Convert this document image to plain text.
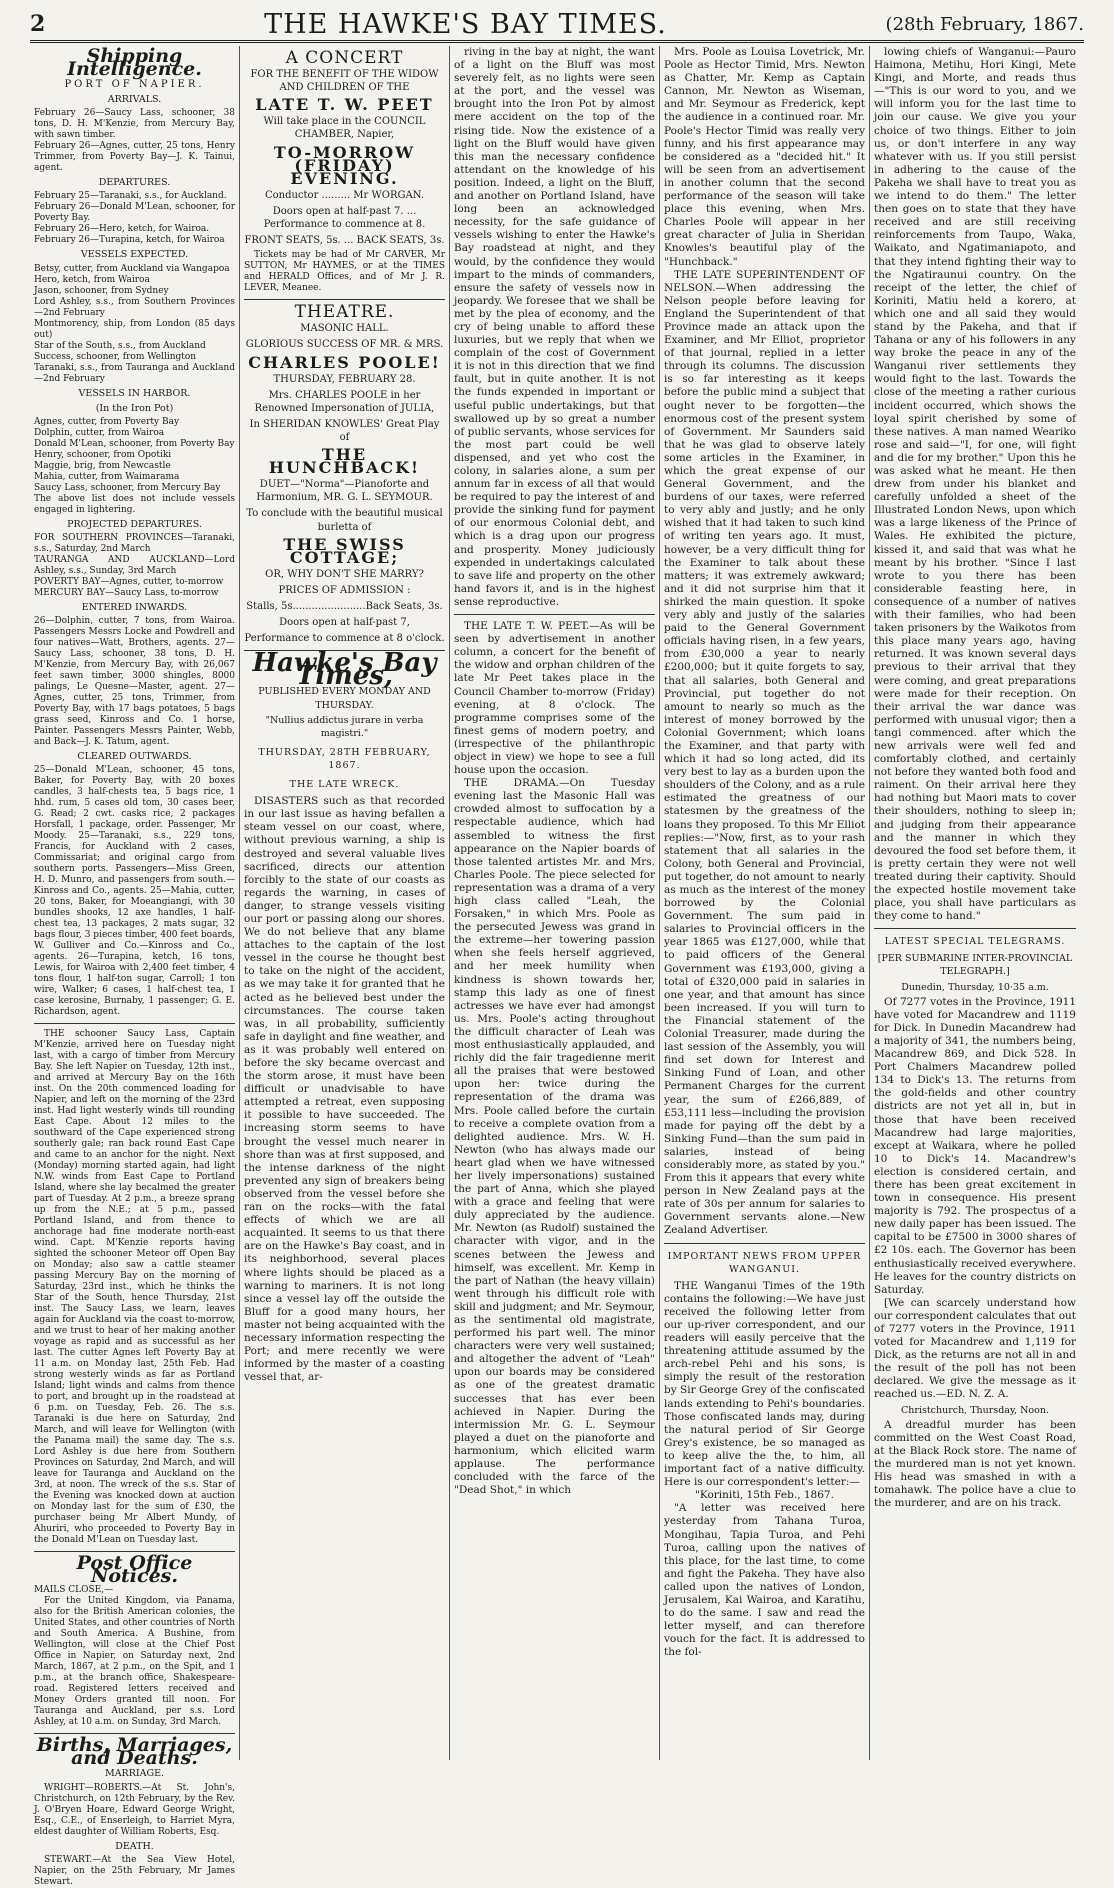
2	THE HAWKE'S BAY TIMES.	(28th February, 1867.
Shipping Intelligence.
PORT OF NAPIER.
ARRIVALS.

February 26—Saucy Lass, schooner, 38 tons, D. H. M'Kenzie, from Mercury Bay, with sawn timber.

February 26—Agnes, cutter, 25 tons, Henry Trimmer, from Poverty Bay—J. K. Tainui, agent.

DEPARTURES.

February 25—Taranaki, s.s., for Auckland.

February 26—Donald M'Lean, schooner, for Poverty Bay.

February 26—Hero, ketch, for Wairoa.

February 26—Turapina, ketch, for Wairoa

VESSELS EXPECTED.

Betsy, cutter, from Auckland via Wangapoa

Hero, ketch, from Wairoa

Jason, schooner, from Sydney

Lord Ashley, s.s., from Southern Provinces—2nd February

Montmorency, ship, from London (85 days out)

Star of the South, s.s., from Auckland

Success, schooner, from Wellington

Taranaki, s.s., from Tauranga and Auckland—2nd February

VESSELS IN HARBOR.
(In the Iron Pot)

Agnes, cutter, from Poverty Bay

Dolphin, cutter, from Wairoa

Donald M'Lean, schooner, from Poverty Bay

Henry, schooner, from Opotiki

Maggie, brig, from Newcastle

Mahia, cutter, from Waimarama

Saucy Lass, schooner, from Mercury Bay

The above list does not include vessels engaged in lightering.

PROJECTED DEPARTURES.

FOR SOUTHERN PROVINCES—Taranaki, s.s., Saturday, 2nd March

TAURANGA AND AUCKLAND—Lord Ashley, s.s., Sunday, 3rd March

POVERTY BAY—Agnes, cutter, to-morrow

MERCURY BAY—Saucy Lass, to-morrow

ENTERED INWARDS.

26—Dolphin, cutter, 7 tons, from Wairoa. Passengers Messrs Locke and Powdrell and four natives—Watt, Brothers, agents. 27—Saucy Lass, schooner, 38 tons, D. H. M'Kenzie, from Mercury Bay, with 26,067 feet sawn timber, 3000 shingles, 8000 palings, Le Quesne—Master, agent. 27—Agnes, cutter, 25 tons, Trimmer, from Poverty Bay, with 17 bags potatoes, 5 bags grass seed, Kinross and Co. 1 horse, Painter. Passengers Messrs Painter, Webb, and Back—J. K. Tatum, agent.

CLEARED OUTWARDS.

25—Donald M'Lean, schooner, 45 tons, Baker, for Poverty Bay, with 20 boxes candles, 3 half-chests tea, 5 bags rice, 1 hhd. rum, 5 cases old tom, 30 cases beer, G. Read; 2 cwt. casks rice, 2 packages Horsfall, 1 package, order. Passenger, Mr Moody. 25—Taranaki, s.s., 229 tons, Francis, for Auckland with 2 cases, Commissariat; and original cargo from southern ports. Passengers—Miss Green, H. D. Munro, and passengers from south.—Kinross and Co., agents. 25—Mahia, cutter, 20 tons, Baker, for Moeangiangi, with 30 bundles shooks, 12 axe handles, 1 half-chest tea, 13 packages, 2 mats sugar, 32 bags flour, 3 pieces timber, 400 feet boards, W. Gulliver and Co.—Kinross and Co., agents. 26—Turapina, ketch, 16 tons, Lewis, for Wairoa with 2,400 feet timber, 4 tons flour, 1 half-ton sugar, Carroll; 1 ton wire, Walker; 6 cases, 1 half-chest tea, 1 case kerosine, Burnaby, 1 passenger; G. E. Richardson, agent.

THE schooner Saucy Lass, Captain M'Kenzie, arrived here on Tuesday night last, with a cargo of timber from Mercury Bay. She left Napier on Tuesday, 12th inst., and arrived at Mercury Bay on the 16th inst. On the 20th commenced loading for Napier, and left on the morning of the 23rd inst. Had light westerly winds till rounding East Cape. About 12 miles to the southward of the Cape experienced strong southerly gale; ran back round East Cape and came to an anchor for the night. Next (Monday) morning started again, had light N.W. winds from East Cape to Portland Island, where she lay becalmed the greater part of Tuesday. At 2 p.m., a breeze sprang up from the N.E.; at 5 p.m., passed Portland Island, and from thence to anchorage had fine moderate north-east wind. Capt. M'Kenzie reports having sighted the schooner Meteor off Open Bay on Monday; also saw a cattle steamer passing Mercury Bay on the morning of Saturday, 23rd inst., which he thinks the Star of the South, hence Thursday, 21st inst. The Saucy Lass, we learn, leaves again for Auckland via the coast to-morrow, and we trust to hear of her making another voyage as rapid and as successful as her last. The cutter Agnes left Poverty Bay at 11 a.m. on Monday last, 25th Feb. Had strong westerly winds as far as Portland Island; light winds and calms from thence to port, and brought up in the roadstead at 6 p.m. on Tuesday, Feb. 26. The s.s. Taranaki is due here on Saturday, 2nd March, and will leave for Wellington (with the Panama mail) the same day. The s.s. Lord Ashley is due here from Southern Provinces on Saturday, 2nd March, and will leave for Tauranga and Auckland on the 3rd, at noon. The wreck of the s.s. Star of the Evening was knocked down at auction on Monday last for the sum of £30, the purchaser being Mr Albert Mundy, of Ahuriri, who proceeded to Poverty Bay in the Donald M'Lean on Tuesday last.

Post Office Notices.

MAILS CLOSE,—

For the United Kingdom, via Panama, also for the British American colonies, the United States, and other countries of North and South America. A Bushine, from Wellington, will close at the Chief Post Office in Napier, on Saturday next, 2nd March, 1867, at 2 p.m., on the Spit, and 1 p.m., at the branch office, Shakespeare-road. Registered letters received and Money Orders granted till noon. For Tauranga and Auckland, per s.s. Lord Ashley, at 10 a.m. on Sunday, 3rd March.

Births, Marriages, and Deaths.
MARRIAGE.

WRIGHT—ROBERTS.—At St. John's, Christchurch, on 12th February, by the Rev. J. O'Bryen Hoare, Edward George Wright, Esq., C.E., of Enserleigh, to Harriet Myra, eldest daughter of William Roberts, Esq.

DEATH.

STEWART.—At the Sea View Hotel, Napier, on the 25th February, Mr James Stewart.

A CONCERT
FOR THE BENEFIT OF THE WIDOW AND CHILDREN OF THE
LATE T. W. PEET
Will take place in the COUNCIL CHAMBER, Napier,
TO-MORROW (FRIDAY) EVENING.
Conductor ......... Mr WORGAN.
Doors open at half-past 7. ... Performance to commence at 8.
FRONT SEATS, 5s. ... BACK SEATS, 3s.

Tickets may be had of Mr CARVER, Mr SUTTON, Mr HAYMES, or at the TIMES and HERALD Offices, and of Mr J. R. LEVER, Meanee.

THEATRE.
MASONIC HALL.
GLORIOUS SUCCESS OF MR. & MRS.
CHARLES POOLE!
THURSDAY, FEBRUARY 28.
Mrs. CHARLES POOLE in her Renowned Impersonation of JULIA,
In SHERIDAN KNOWLES' Great Play of
THE HUNCHBACK!
DUET—"Norma"—Pianoforte and Harmonium, MR. G. L. SEYMOUR.
To conclude with the beautiful musical burletta of
THE SWISS COTTAGE;
OR, WHY DON'T SHE MARRY?
PRICES OF ADMISSION :
Stalls, 5s.......................Back Seats, 3s.
Doors open at half-past 7,
Performance to commence at 8 o'clock.
Hawke's Bay Times,
PUBLISHED EVERY MONDAY AND THURSDAY.
"Nullius addictus jurare in verba magistri."
THURSDAY, 28TH FEBRUARY, 1867.
THE LATE WRECK.

DISASTERS such as that recorded in our last issue as having befallen a steam vessel on our coast, where, without previous warning, a ship is destroyed and several valuable lives sacrificed, directs our attention forcibly to the state of our coasts as regards the warning, in cases of danger, to strange vessels visiting our port or passing along our shores. We do not believe that any blame attaches to the captain of the lost vessel in the course he thought best to take on the night of the accident, as we may take it for granted that he acted as he believed best under the circumstances. The course taken was, in all probability, sufficiently safe in daylight and fine weather, and as it was probably well entered on before the sky became overcast and the storm arose, it must have been difficult or unadvisable to have attempted a retreat, even supposing it possible to have succeeded. The increasing storm seems to have brought the vessel much nearer in shore than was at first supposed, and the intense darkness of the night prevented any sign of breakers being observed from the vessel before she ran on the rocks—with the fatal effects of which we are all acquainted. It seems to us that there are on the Hawke's Bay coast, and in its neighborhood, several places where lights should be placed as a warning to mariners. It is not long since a vessel lay off the outside the Bluff for a good many hours, her master not being acquainted with the necessary information respecting the Port; and mere recently we were informed by the master of a coasting vessel that, ar-

riving in the bay at night, the want of a light on the Bluff was most severely felt, as no lights were seen at the port, and the vessel was brought into the Iron Pot by almost mere accident on the top of the rising tide. Now the existence of a light on the Bluff would have given this man the necessary confidence attendant on the knowledge of his position. Indeed, a light on the Bluff, and another on Portland Island, have long been an acknowledged necessity, for the safe guidance of vessels wishing to enter the Hawke's Bay roadstead at night, and they would, by the confidence they would impart to the minds of commanders, ensure the safety of vessels now in jeopardy. We foresee that we shall be met by the plea of economy, and the cry of being unable to afford these luxuries, but we reply that when we complain of the cost of Government it is not in this direction that we find fault, but in quite another. It is not the funds expended in important or useful public undertakings, but that swallowed up by so great a number of public servants, whose services for the most part could be well dispensed, and yet who cost the colony, in salaries alone, a sum per annum far in excess of all that would be required to pay the interest of and provide the sinking fund for payment of our enormous Colonial debt, and which is a drag upon our progress and prosperity. Money judiciously expended in undertakings calculated to save life and property on the other hand favors it, and is in the highest sense reproductive.

THE LATE T. W. PEET.—As will be seen by advertisement in another column, a concert for the benefit of the widow and orphan children of the late Mr Peet takes place in the Council Chamber to-morrow (Friday) evening, at 8 o'clock. The programme comprises some of the finest gems of modern poetry, and (irrespective of the philanthropic object in view) we hope to see a full house upon the occasion.

THE DRAMA.—On Tuesday evening last the Masonic Hall was crowded almost to suffocation by a respectable audience, which had assembled to witness the first appearance on the Napier boards of those talented artistes Mr. and Mrs. Charles Poole. The piece selected for representation was a drama of a very high class called "Leah, the Forsaken," in which Mrs. Poole as the persecuted Jewess was grand in the extreme—her towering passion when she feels herself aggrieved, and her meek humility when kindness is shown towards her, stamp this lady as one of finest actresses we have ever had amongst us. Mrs. Poole's acting throughout the difficult character of Leah was most enthusiastically applauded, and richly did the fair tragedienne merit all the praises that were bestowed upon her: twice during the representation of the drama was Mrs. Poole called before the curtain to receive a complete ovation from a delighted audience. Mrs. W. H. Newton (who has always made our heart glad when we have witnessed her lively impersonations) sustained the part of Anna, which she played with a grace and feeling that were duly appreciated by the audience. Mr. Newton (as Rudolf) sustained the character with vigor, and in the scenes between the Jewess and himself, was excellent. Mr. Kemp in the part of Nathan (the heavy villain) went through his difficult role with skill and judgment; and Mr. Seymour, as the sentimental old magistrate, performed his part well. The minor characters were very well sustained; and altogether the advent of "Leah" upon our boards may be considered as one of the greatest dramatic successes that has ever been achieved in Napier. During the intermission Mr. G. L. Seymour played a duet on the pianoforte and harmonium, which elicited warm applause. The performance concluded with the farce of the "Dead Shot," in which

Mrs. Poole as Louisa Lovetrick, Mr. Poole as Hector Timid, Mrs. Newton as Chatter, Mr. Kemp as Captain Cannon, Mr. Newton as Wiseman, and Mr. Seymour as Frederick, kept the audience in a continued roar. Mr. Poole's Hector Timid was really very funny, and his first appearance may be considered as a "decided hit." It will be seen from an advertisement in another column that the second performance of the season will take place this evening, when Mrs. Charles Poole will appear in her great character of Julia in Sheridan Knowles's beautiful play of the "Hunchback."

THE LATE SUPERINTENDENT OF NELSON.—When addressing the Nelson people before leaving for England the Superintendent of that Province made an attack upon the Examiner, and Mr Elliot, proprietor of that journal, replied in a letter through its columns. The discussion is so far interesting as it keeps before the public mind a subject that ought never to be forgotten—the enormous cost of the present system of Government. Mr Saunders said that he was glad to observe lately some articles in the Examiner, in which the great expense of our General Government, and the burdens of our taxes, were referred to very ably and justly; and he only wished that it had taken to such kind of writing ten years ago. It must, however, be a very difficult thing for the Examiner to talk about these matters; it was extremely awkward; and it did not surprise him that it shirked the main question. It spoke very ably and justly of the salaries paid to the General Government officials having risen, in a few years, from £30,000 a year to nearly £200,000; but it quite forgets to say, that all salaries, both General and Provincial, put together do not amount to nearly so much as the interest of money borrowed by the Colonial Government; which loans the Examiner, and that party with which it had so long acted, did its very best to lay as a burden upon the shoulders of the Colony, and as a rule estimated the greatness of our statesmen by the greatness of the loans they proposed. To this Mr Elliot replies:—"Now, first, as to your rash statement that all salaries in the Colony, both General and Provincial, put together, do not amount to nearly as much as the interest of the money borrowed by the Colonial Government. The sum paid in salaries to Provincial officers in the year 1865 was £127,000, while that to paid officers of the General Government was £193,000, giving a total of £320,000 paid in salaries in one year, and that amount has since been increased. If you will turn to the Financial statement of the Colonial Treasurer, made during the last session of the Assembly, you will find set down for Interest and Sinking Fund of Loan, and other Permanent Charges for the current year, the sum of £266,889, of £53,111 less—including the provision made for paying off the debt by a Sinking Fund—than the sum paid in salaries, instead of being considerably more, as stated by you." From this it appears that every white person in New Zealand pays at the rate of 30s per annum for salaries to Government servants alone.—New Zealand Advertiser.

IMPORTANT NEWS FROM UPPER WANGANUI.

THE Wanganui Times of the 19th contains the following:—We have just received the following letter from our up-river correspondent, and our readers will easily perceive that the threatening attitude assumed by the arch-rebel Pehi and his sons, is simply the result of the restoration by Sir George Grey of the confiscated lands extending to Pehi's boundaries. Those confiscated lands may, during the natural period of Sir George Grey's existence, be so managed as to keep alive the the, to him, all important fact of a native difficulty. Here is our correspondent's letter:—

"Koriniti, 15th Feb., 1867.

"A letter was received here yesterday from Tahana Turoa, Mongihau, Tapia Turoa, and Pehi Turoa, calling upon the natives of this place, for the last time, to come and fight the Pakeha. They have also called upon the natives of London, Jerusalem, Kai Wairoa, and Karatihu, to do the same. I saw and read the letter myself, and can therefore vouch for the fact. It is addressed to the fol-

lowing chiefs of Wanganui:—Pauro Haimona, Metihu, Hori Kingi, Mete Kingi, and Morte, and reads thus—"This is our word to you, and we will inform you for the last time to join our cause. We give you your choice of two things. Either to join us, or don't interfere in any way whatever with us. If you still persist in adhering to the cause of the Pakeha we shall have to treat you as we intend to do them." The letter then goes on to state that they have received and are still receiving reinforcements from Taupo, Waka, Waikato, and Ngatimaniapoto, and that they intend fighting their way to the Ngatiraunui country. On the receipt of the letter, the chief of Koriniti, Matiu held a korero, at which one and all said they would stand by the Pakeha, and that if Tahana or any of his followers in any way broke the peace in any of the Wanganui river settlements they would fight to the last. Towards the close of the meeting a rather curious incident occurred, which shows the loyal spirit cherished by some of these natives. A man named Weariko rose and said—"I, for one, will fight and die for my brother." Upon this he was asked what he meant. He then drew from under his blanket and carefully unfolded a sheet of the Illustrated London News, upon which was a large likeness of the Prince of Wales. He exhibited the picture, kissed it, and said that was what he meant by his brother. "Since I last wrote to you there has been considerable feasting here, in consequence of a number of natives with their families, who had been taken prisoners by the Waikotos from this place many years ago, having returned. It was known several days previous to their arrival that they were coming, and great preparations were made for their reception. On their arrival the war dance was performed with unusual vigor; then a tangi commenced. after which the new arrivals were well fed and comfortably clothed, and certainly not before they wanted both food and raiment. On their arrival here they had nothing but Maori mats to cover their shoulders, nothing to sleep in; and judging from their appearance and the manner in which they devoured the food set before them, it is pretty certain they were not well treated during their captivity. Should the expected hostile movement take place, you shall have particulars as they come to hand."

LATEST SPECIAL TELEGRAMS.
[PER SUBMARINE INTER-PROVINCIAL TELEGRAPH.]
Dunedin, Thursday, 10·35 a.m.

Of 7277 votes in the Province, 1911 have voted for Macandrew and 1119 for Dick. In Dunedin Macandrew had a majority of 341, the numbers being, Macandrew 869, and Dick 528. In Port Chalmers Macandrew polled 134 to Dick's 13. The returns from the gold-fields and other country districts are not yet all in, but in those that have been received Macandrew had large majorities, except at Waikara, where he polled 10 to Dick's 14. Macandrew's election is considered certain, and there has been great excitement in town in consequence. His present majority is 792. The prospectus of a new daily paper has been issued. The capital to be £7500 in 3000 shares of £2 10s. each. The Governor has been enthusiastically received everywhere. He leaves for the country districts on Saturday.

[We can scarcely understand how our correspondent calculates that out of 7277 voters in the Province, 1911 voted for Macandrew and 1,119 for Dick, as the returns are not all in and the result of the poll has not been declared. We give the message as it reached us.—ED. N. Z. A.

Christchurch, Thursday, Noon.

A dreadful murder has been committed on the West Coast Road, at the Black Rock store. The name of the murdered man is not yet known. His head was smashed in with a tomahawk. The police have a clue to the murderer, and are on his track.
